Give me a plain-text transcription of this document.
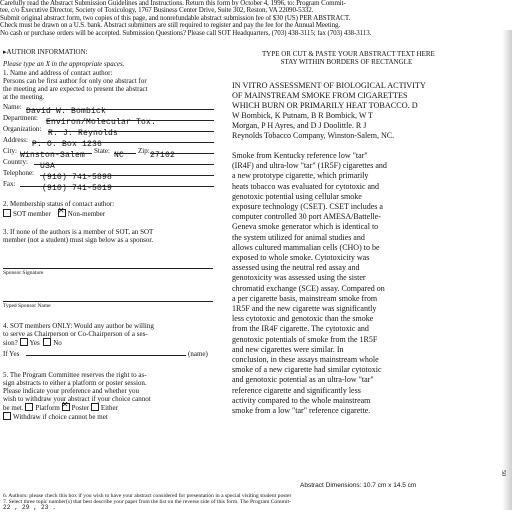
Carefully read the Abstract Submission Guidelines and Instructions. Return this form by October 4, 1996, to: Program Commit-
tee, c/o Executive Director, Society of Toxicology, 1767 Business Center Drive, Suite 302, Reston, VA 22090-5332.
Submit original abstract form, two copies of this page, and nonrefundable abstract submission fee of $30 (US) PER ABSTRACT.
Check must be drawn on a U.S. bank. Abstract submitters are still required to register and pay the fee for the Annual Meeting.
No cash or purchase orders will be accepted. Submission Questions? Please call SOT Headquarters, (703) 438-3115; fax (703) 438-3113.
▸AUTHOR INFORMATION:
Please type an X in the appropriate spaces.
1. Name and address of contact author:
Persons can be first author for only one abstract for
the meeting and are expected to present the abstract
at the meeting.
Name: David W. Bombick
Department: Environ/Molecular Tox.
Organization: R. J. Reynolds
Address: P. O. Box 1236
City: Winston-Salem	State: NC	Zip: 27102
Country:	USA
Telephone: (910) 741-5898
Fax:	(910) 741-5019
2. Membership status of contact author:
SOT member ✕ Non-member
3. If none of the authors is a member of SOT, an SOT
member (not a student) must sign below as a sponsor.
Sponsor Signature
Typed Sponsor Name
4. SOT members ONLY: Would any author be willing
to serve as Chairperson or Co-Chairperson of a ses-
sion? Yes No
If Yes	(name)
5. The Program Committee reserves the right to as-
sign abstracts to either a platform or poster session.
Please indicate your preference and whether you
wish to withdraw your abstract if your choice cannot
be met. Platform ✕ Poster Either
Withdraw if choice cannot be met
TYPE OR CUT & PASTE YOUR ABSTRACT TEXT HERE
STAY WITHIN BORDERS OF RECTANGLE
IN VITRO ASSESSMENT OF BIOLOGICAL ACTIVITY
OF MAINSTREAM SMOKE FROM CIGARETTES
WHICH BURN OR PRIMARILY HEAT TOBACCO. D
W Bombick, K Putnam, B R Bombick, W T
Morgan, P H Ayres, and D J Doolittle. R J
Reynolds Tobacco Company, Winston-Salem, NC.
Smoke from Kentucky reference low "tar"
(IR4F) and ultra-low "tar" (1R5F) cigarettes and
a new prototype cigarette, which primarily
heats tobacco was evaluated for cytotoxic and
genotoxic potential using cellular smoke
exposure technology (CSET). CSET includes a
computer controlled 30 port AMESA/Battelle-
Geneva smoke generator which is identical to
the system utilized for animal studies and
allows cultured mammalian cells (CHO) to be
exposed to whole smoke. Cytotoxicity was
assessed using the neutral red assay and
genotoxicity was assessed using the sister
chromatid exchange (SCE) assay. Compared on
a per cigarette basis, mainstream smoke from
1R5F and the new cigarette was significantly
less cytotoxic and genotoxic than the smoke
from the IR4F cigarette. The cytotoxic and
genotoxic potentials of smoke from the 1R5F
and new cigarettes were similar. In
conclusion, in these assays mainstream whole
smoke of a new cigarette had similar cytotoxic
and genotoxic potential as an ultra-low "tar"
reference cigarette and significantly less
activity compared to the whole mainstream
smoke from a low "tar" reference cigarette.
Abstract Dimensions: 10.7 cm x 14.5 cm
6. Authors: please check this box if you wish to have your abstract considered for presentation in a special visiting student poster
7. Select three topic number(s) that best describe your paper from the list on the reverse side of this form. The Program Commit-
22 , 29 , 23 .
50
